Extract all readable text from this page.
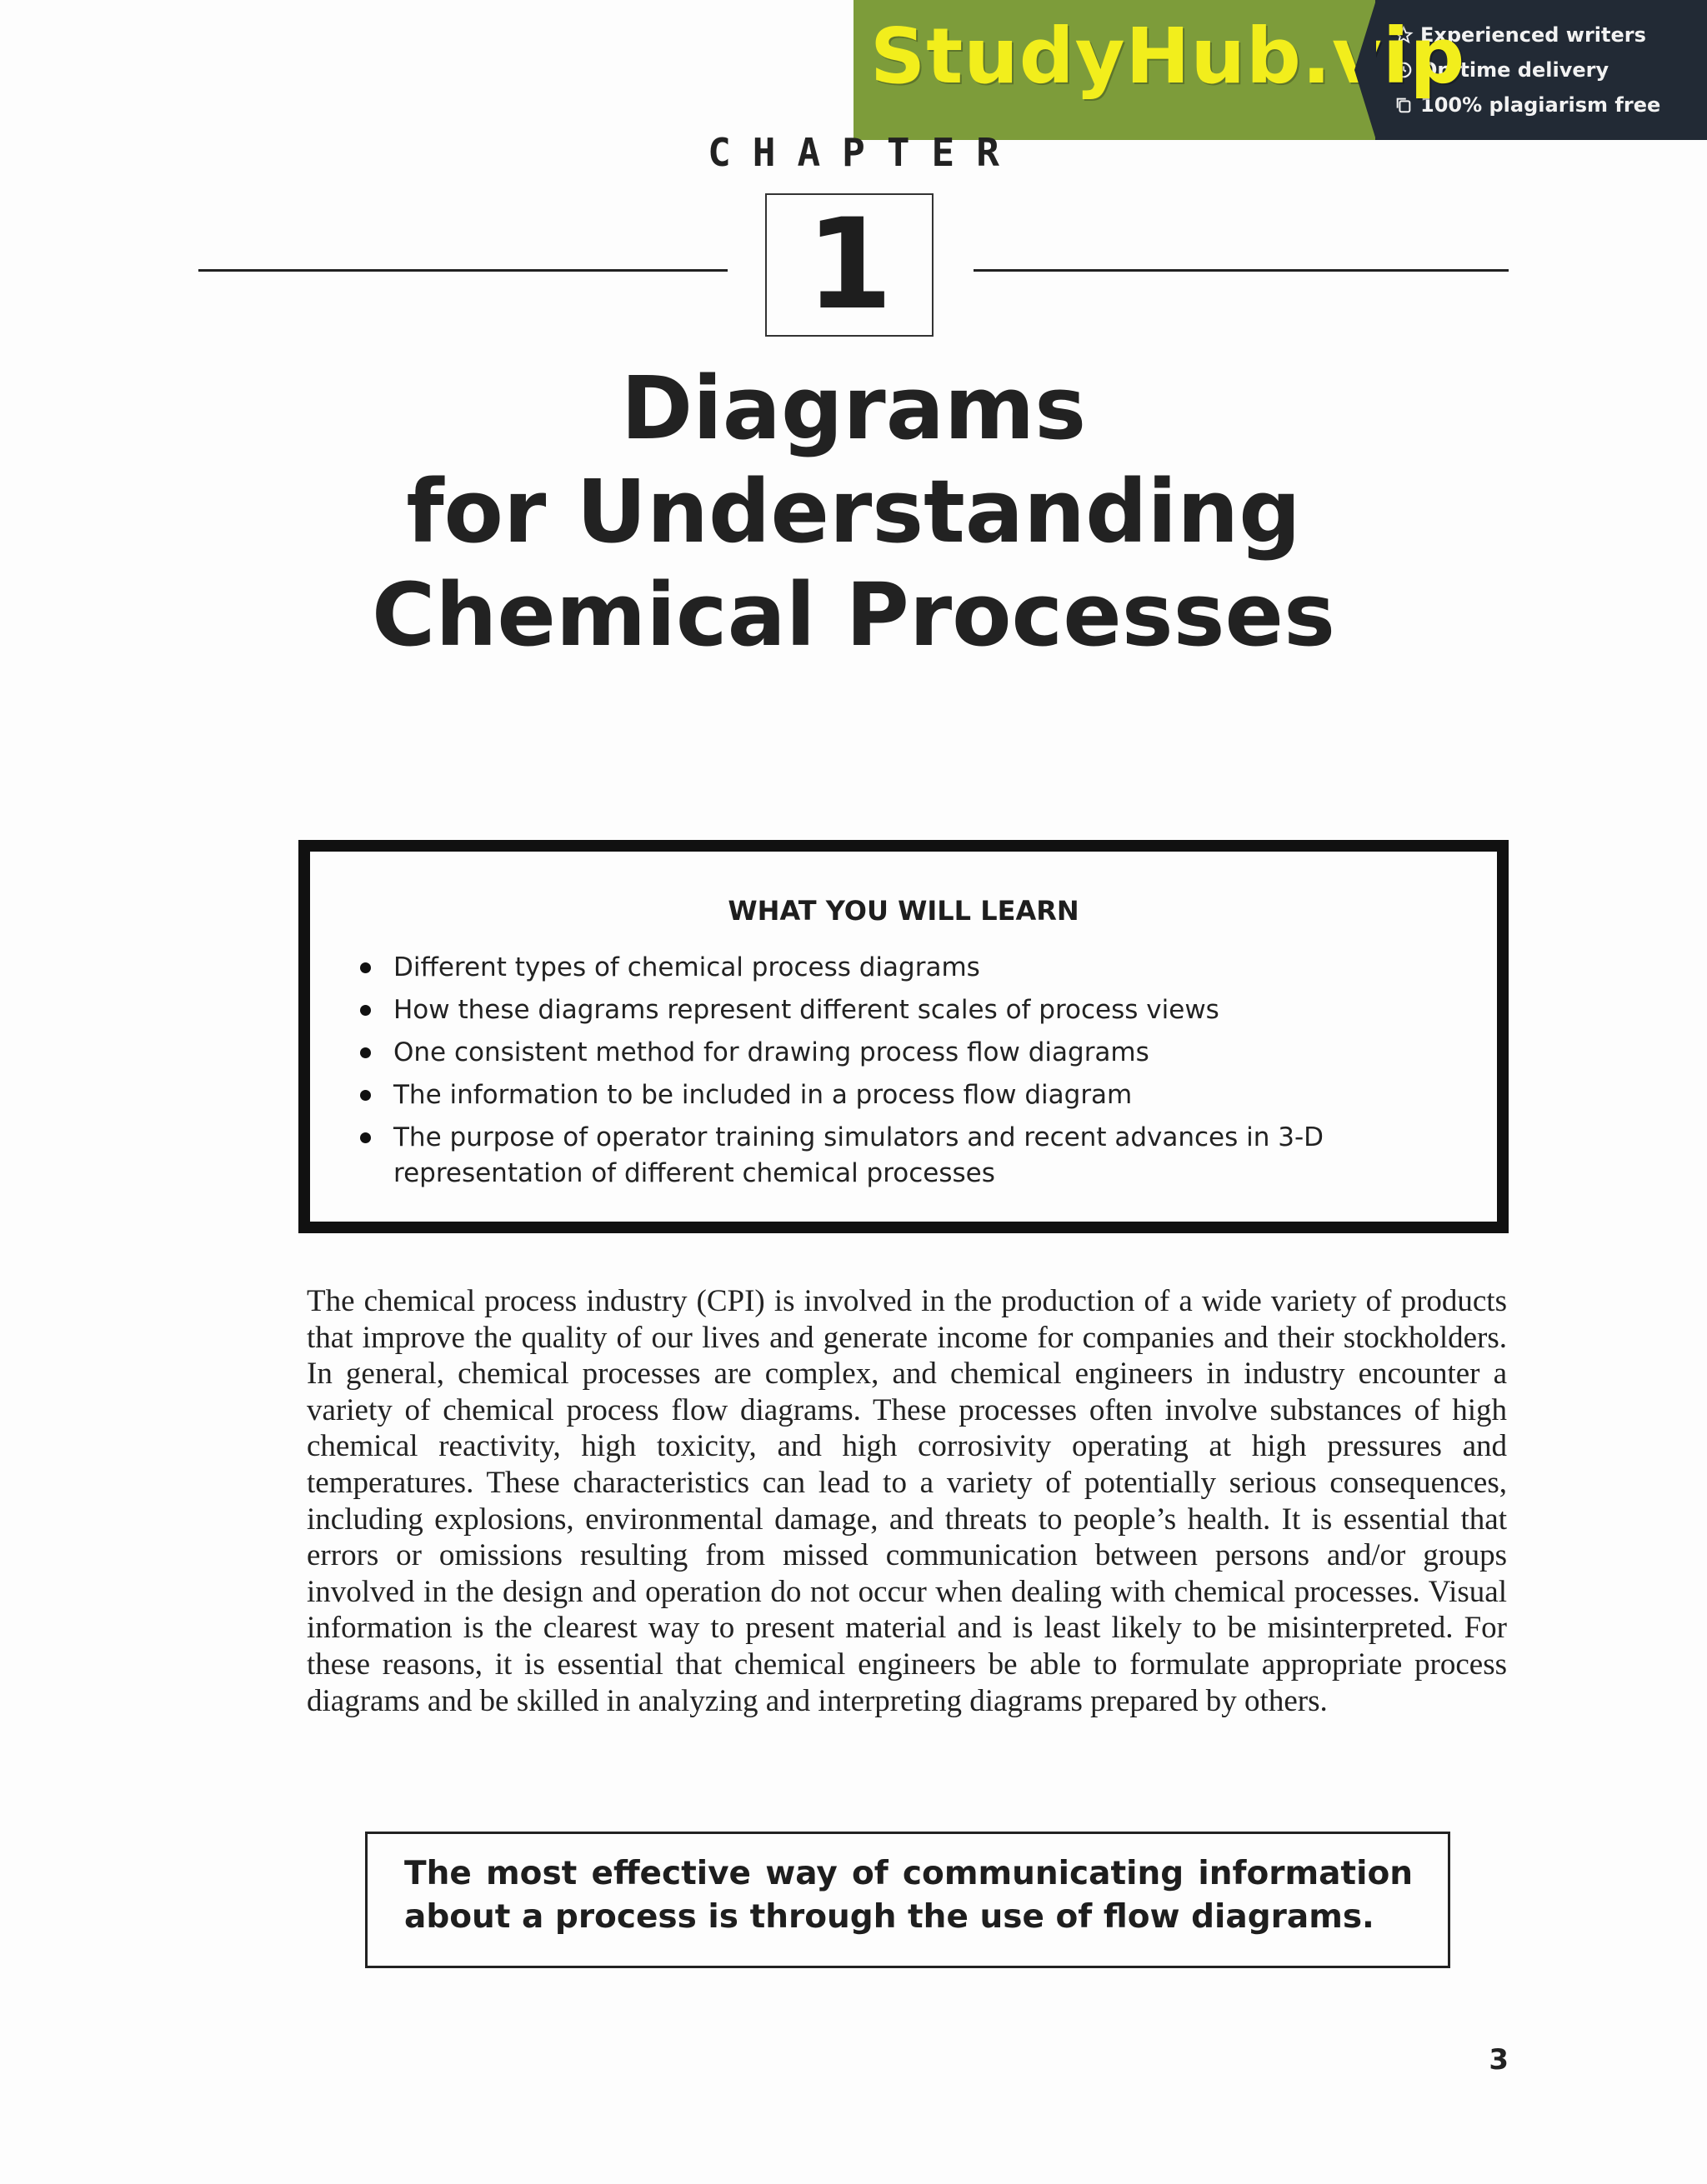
StudyHub.vip
Experienced writers
On-time delivery
100% plagiarism free
CHAPTER
1
Diagrams
for Understanding
Chemical Processes
WHAT YOU WILL LEARN
Different types of chemical process diagrams
How these diagrams represent different scales of process views
One consistent method for drawing process flow diagrams
The information to be included in a process flow diagram
The purpose of operator training simulators and recent advances in 3-D representation of different chemical processes

The chemical process industry (CPI) is involved in the production of a wide variety of products that improve the quality of our lives and generate income for companies and their stockholders. In general, chemical processes are complex, and chemical engineers in industry encounter a variety of chemical process flow diagrams. These processes often involve substances of high chemical reactivity, high toxicity, and high corrosivity operating at high pressures and temperatures. These characteristics can lead to a variety of potentially serious consequences, including explosions, environmental damage, and threats to people’s health. It is essential that errors or omissions resulting from missed communication between persons and/or groups involved in the design and operation do not occur when dealing with chemical processes. Visual information is the clearest way to present material and is least likely to be misinterpreted. For these reasons, it is essential that chemical engineers be able to formulate appropriate process diagrams and be skilled in analyzing and interpreting diagrams prepared by others.

The most effective way of communicating information about a process is through the use of flow diagrams.

3
